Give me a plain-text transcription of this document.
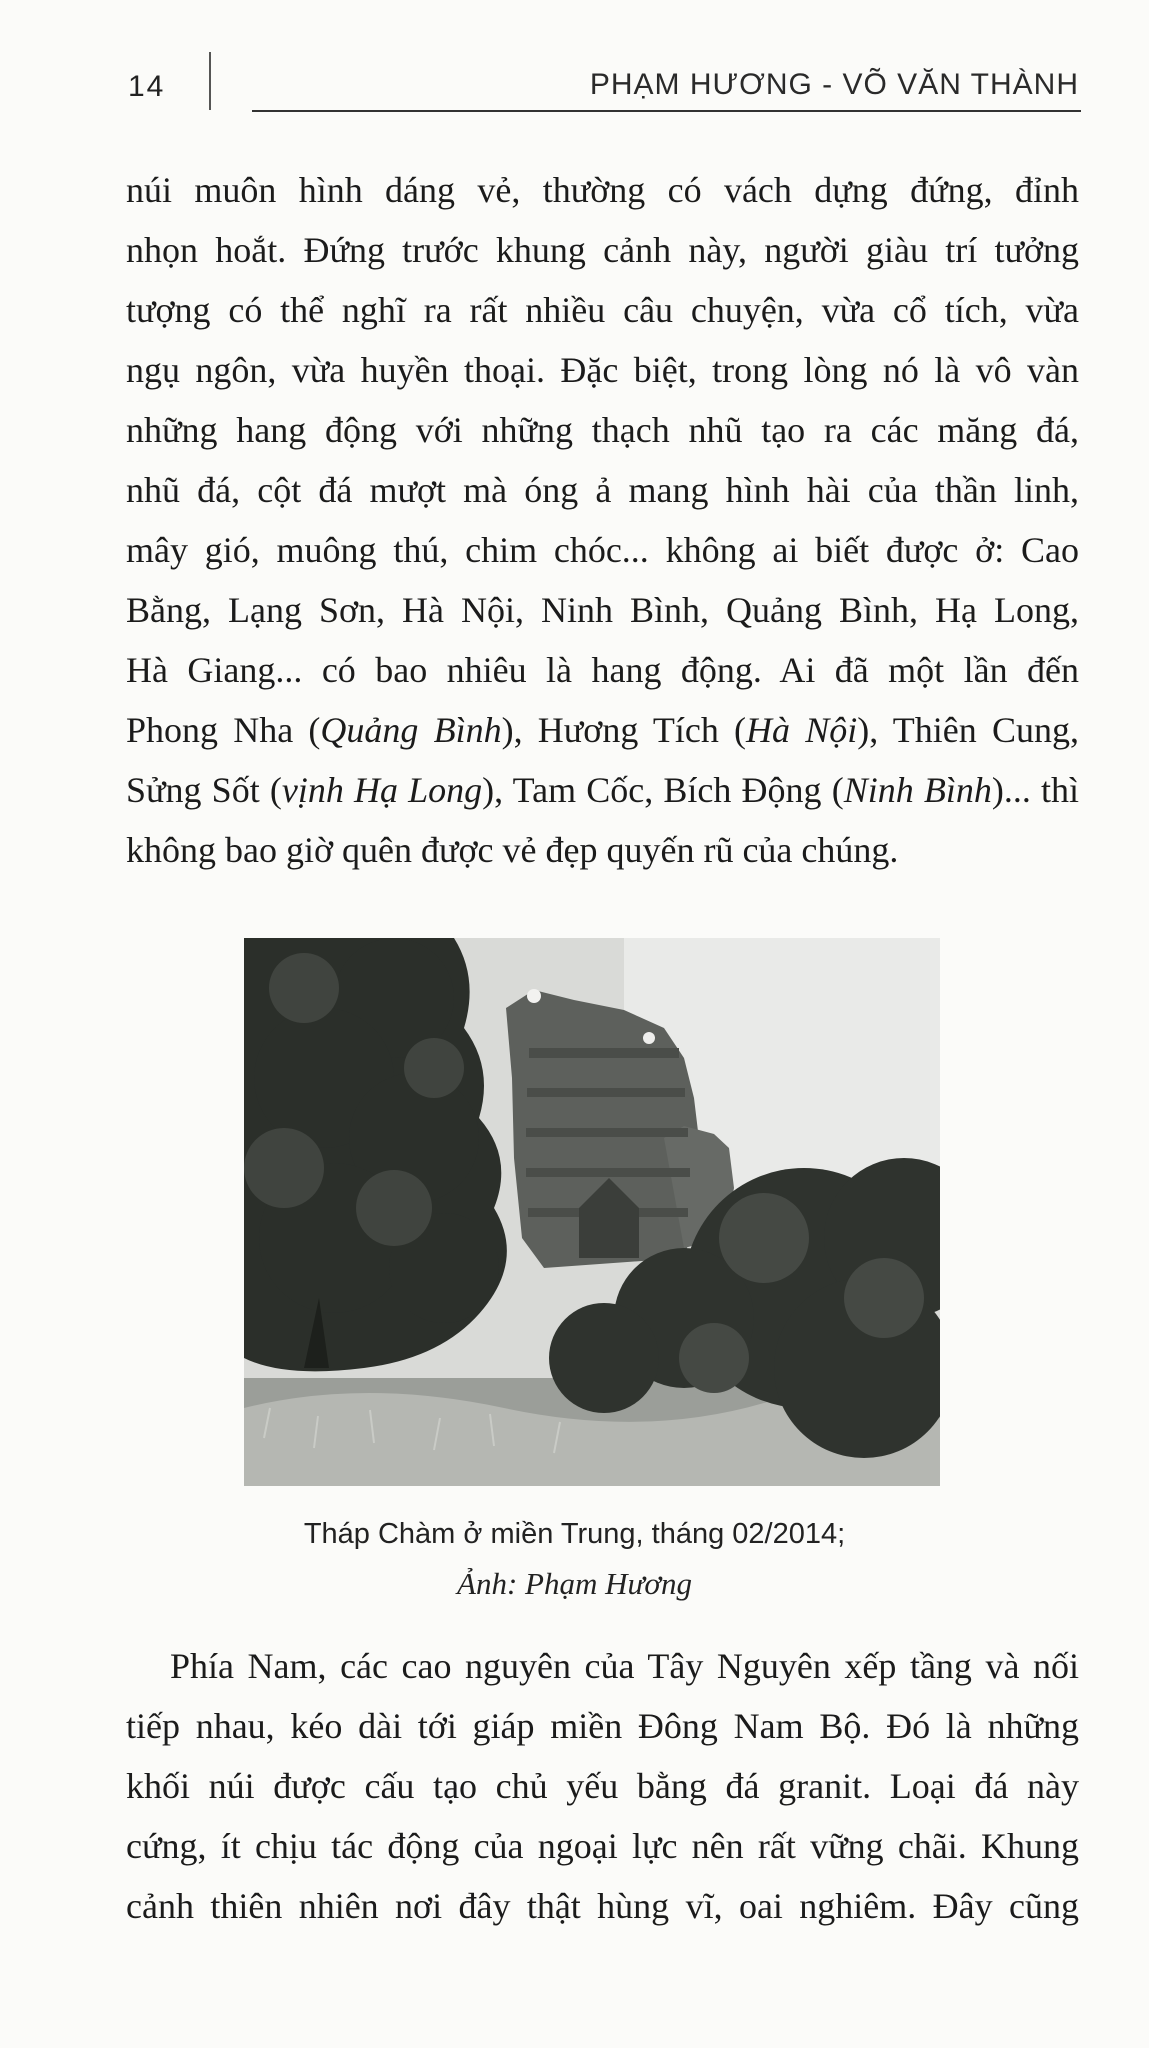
14	PHẠM HƯƠNG - VÕ VĂN THÀNH
núi muôn hình dáng vẻ, thường có vách dựng đứng, đỉnh
nhọn hoắt. Đứng trước khung cảnh này, người giàu trí tưởng
tượng có thể nghĩ ra rất nhiều câu chuyện, vừa cổ tích, vừa
ngụ ngôn, vừa huyền thoại. Đặc biệt, trong lòng nó là vô vàn
những hang động với những thạch nhũ tạo ra các măng đá,
nhũ đá, cột đá mượt mà óng ả mang hình hài của thần linh,
mây gió, muông thú, chim chóc... không ai biết được ở: Cao
Bằng, Lạng Sơn, Hà Nội, Ninh Bình, Quảng Bình, Hạ Long,
Hà Giang... có bao nhiêu là hang động. Ai đã một lần đến
Phong Nha (Quảng Bình), Hương Tích (Hà Nội), Thiên Cung,
Sửng Sốt (vịnh Hạ Long), Tam Cốc, Bích Động (Ninh Bình)... thì
không bao giờ quên được vẻ đẹp quyến rũ của chúng.
Tháp Chàm ở miền Trung, tháng 02/2014;
Ảnh: Phạm Hương
Phía Nam, các cao nguyên của Tây Nguyên xếp tầng và nối
tiếp nhau, kéo dài tới giáp miền Đông Nam Bộ. Đó là những
khối núi được cấu tạo chủ yếu bằng đá granit. Loại đá này
cứng, ít chịu tác động của ngoại lực nên rất vững chãi. Khung
cảnh thiên nhiên nơi đây thật hùng vĩ, oai nghiêm. Đây cũng
